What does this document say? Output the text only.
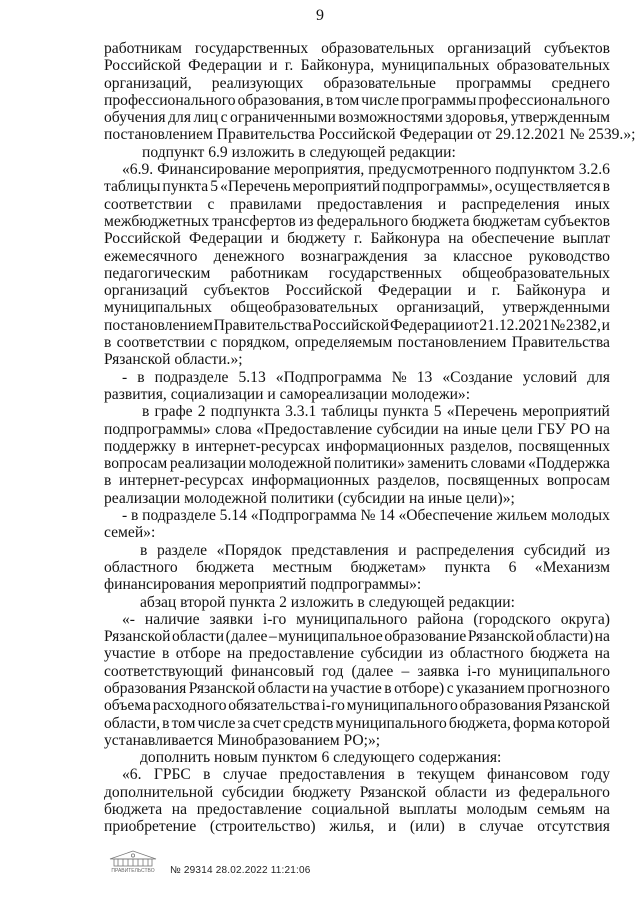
9
работникам государственных образовательных организаций субъектов
Российской Федерации и г. Байконура, муниципальных образовательных
организаций, реализующих образовательные программы среднего
профессионального образования, в том числе программы профессионального
обучения для лиц с ограниченными возможностями здоровья, утвержденным
постановлением Правительства Российской Федерации от 29.12.2021 № 2539.»;
подпункт 6.9 изложить в следующей редакции:
«6.9. Финансирование мероприятия, предусмотренного подпунктом 3.2.6
таблицы пункта 5 «Перечень мероприятий подпрограммы», осуществляется в
соответствии с правилами предоставления и распределения иных
межбюджетных трансфертов из федерального бюджета бюджетам субъектов
Российской Федерации и бюджету г. Байконура на обеспечение выплат
ежемесячного денежного вознаграждения за классное руководство
педагогическим работникам государственных общеобразовательных
организаций субъектов Российской Федерации и г. Байконура и
муниципальных общеобразовательных организаций, утвержденными
постановлением Правительства Российской Федерации от 21.12.2021 № 2382, и
в соответствии с порядком, определяемым постановлением Правительства
Рязанской области.»;
- в подразделе 5.13 «Подпрограмма № 13 «Создание условий для
развития, социализации и самореализации молодежи»:
в графе 2 подпункта 3.3.1 таблицы пункта 5 «Перечень мероприятий
подпрограммы» слова «Предоставление субсидии на иные цели ГБУ РО на
поддержку в интернет-ресурсах информационных разделов, посвященных
вопросам реализации молодежной политики» заменить словами «Поддержка
в интернет-ресурсах информационных разделов, посвященных вопросам
реализации молодежной политики (субсидии на иные цели)»;
- в подразделе 5.14 «Подпрограмма № 14 «Обеспечение жильем молодых
семей»:
в разделе «Порядок представления и распределения субсидий из
областного бюджета местным бюджетам» пункта 6 «Механизм
финансирования мероприятий подпрограммы»:
абзац второй пункта 2 изложить в следующей редакции:
«- наличие заявки i-го муниципального района (городского округа)
Рязанской области (далее – муниципальное образование Рязанской области) на
участие в отборе на предоставление субсидии из областного бюджета на
соответствующий финансовый год (далее – заявка i-го муниципального
образования Рязанской области на участие в отборе) с указанием прогнозного
объема расходного обязательства i-го муниципального образования Рязанской
области, в том числе за счет средств муниципального бюджета, форма которой
устанавливается Минобразованием РО;»;
дополнить новым пунктом 6 следующего содержания:
«6. ГРБС в случае предоставления в текущем финансовом году
дополнительной субсидии бюджету Рязанской области из федерального
бюджета на предоставление социальной выплаты молодым семьям на
приобретение (строительство) жилья, и (или) в случае отсутствия
ПРАВИТЕЛЬСТВО № 29314 28.02.2022 11:21:06
